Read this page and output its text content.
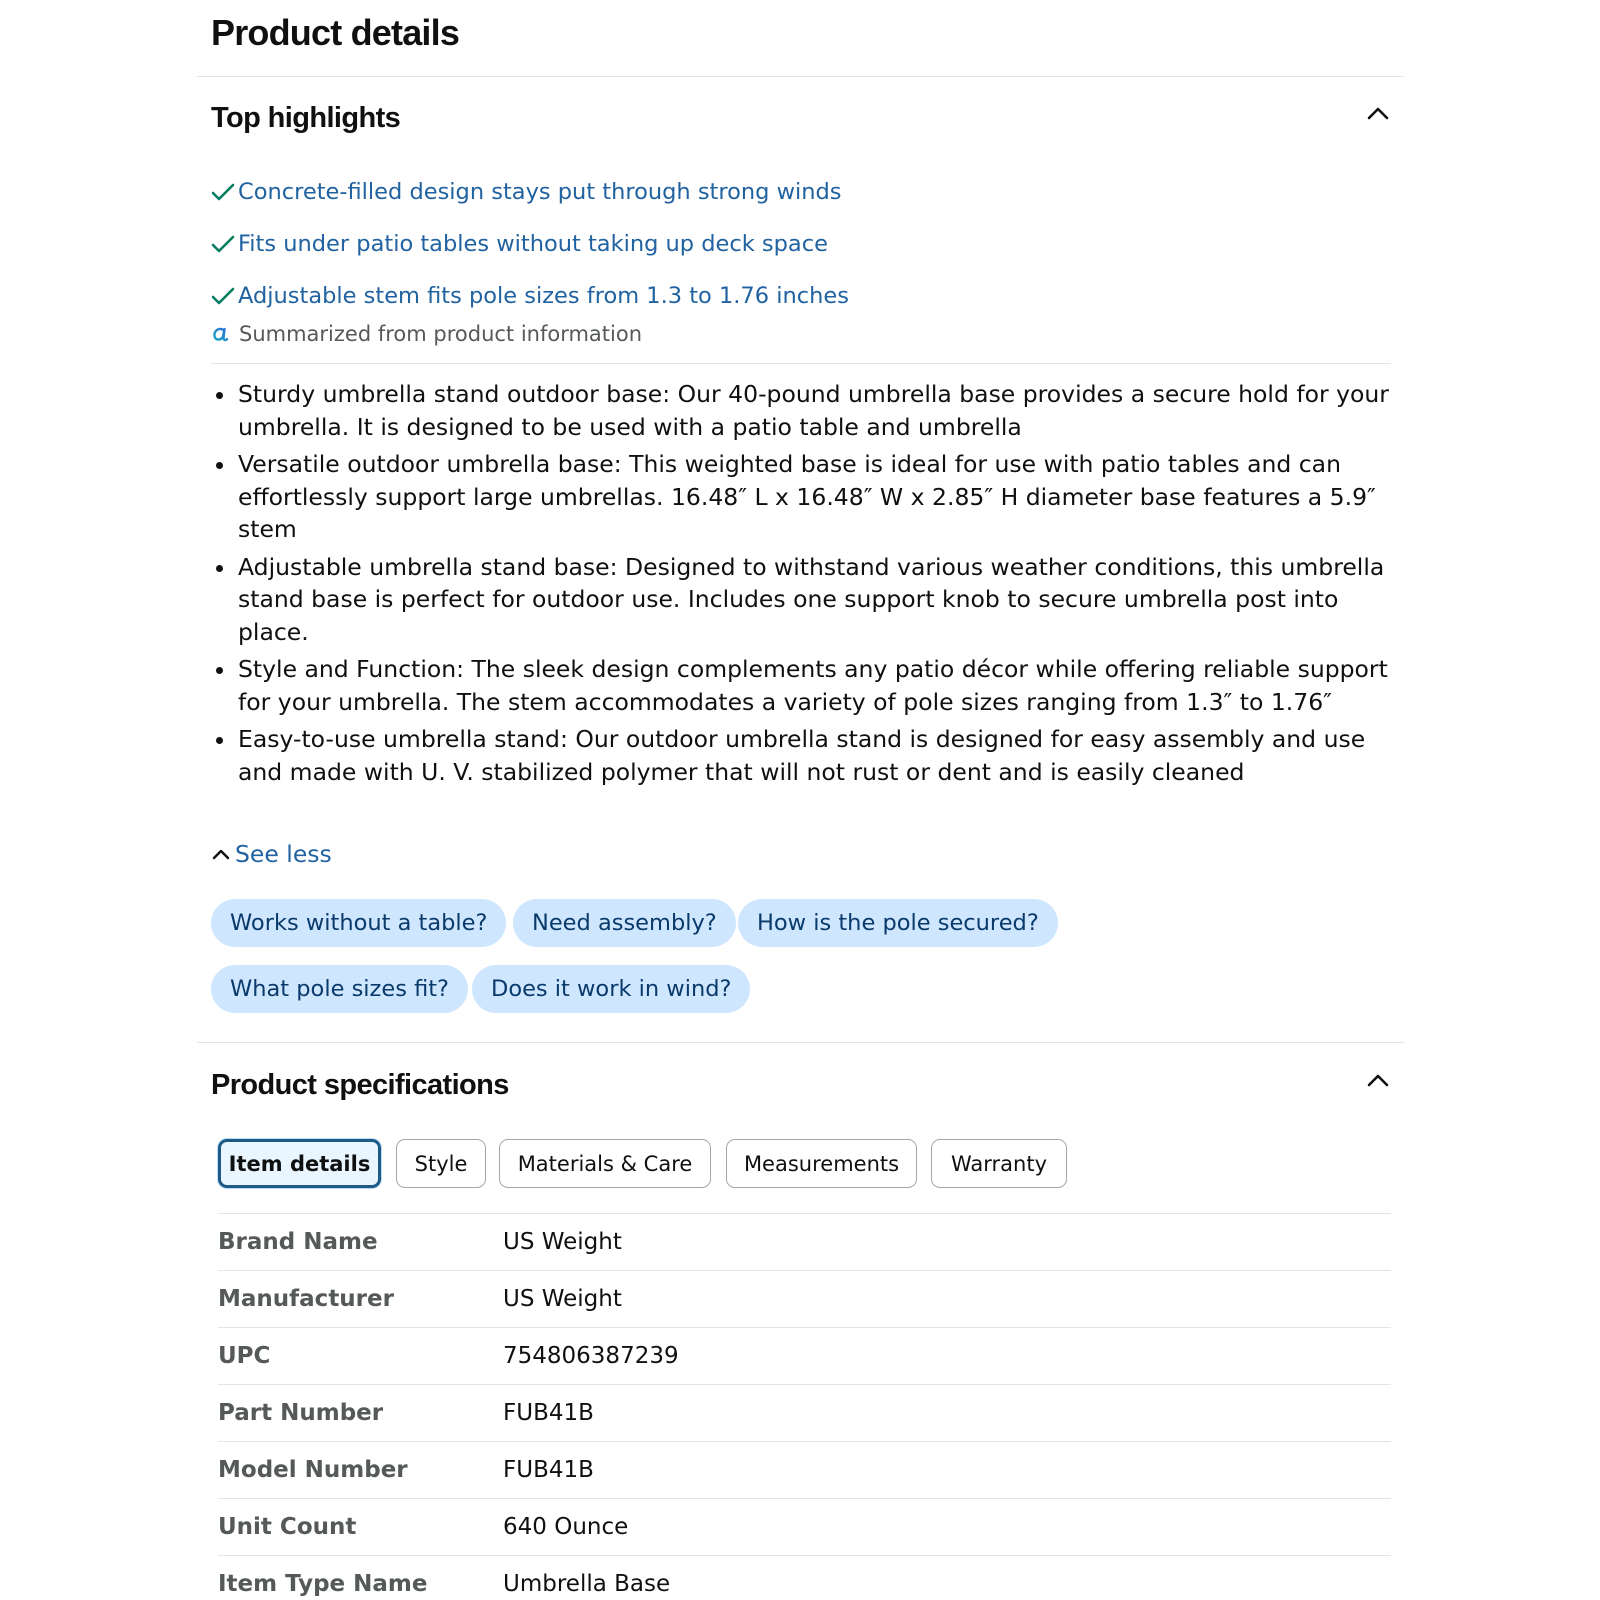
Product details
Top highlights
Concrete-filled design stays put through strong winds
Fits under patio tables without taking up deck space
Adjustable stem fits pole sizes from 1.3 to 1.76 inches
Summarized from product information
Sturdy umbrella stand outdoor base: Our 40-pound umbrella base provides a secure hold for your umbrella. It is designed to be used with a patio table and umbrella
Versatile outdoor umbrella base: This weighted base is ideal for use with patio tables and can effortlessly support large umbrellas. 16.48″ L x 16.48″ W x 2.85″ H diameter base features a 5.9″ stem
Adjustable umbrella stand base: Designed to withstand various weather conditions, this umbrella stand base is perfect for outdoor use. Includes one support knob to secure umbrella post into place.
Style and Function: The sleek design complements any patio décor while offering reliable support for your umbrella. The stem accommodates a variety of pole sizes ranging from 1.3″ to 1.76″
Easy-to-use umbrella stand: Our outdoor umbrella stand is designed for easy assembly and use and made with U. V. stabilized polymer that will not rust or dent and is easily cleaned
See less
Works without a table?	Need assembly?	How is the pole secured?
What pole sizes fit?	Does it work in wind?
Product specifications
Item details	Style	Materials & Care	Measurements	Warranty
Brand Name	US Weight
Manufacturer	US Weight
UPC	754806387239
Part Number	FUB41B
Model Number	FUB41B
Unit Count	640 Ounce
Item Type Name	Umbrella Base
